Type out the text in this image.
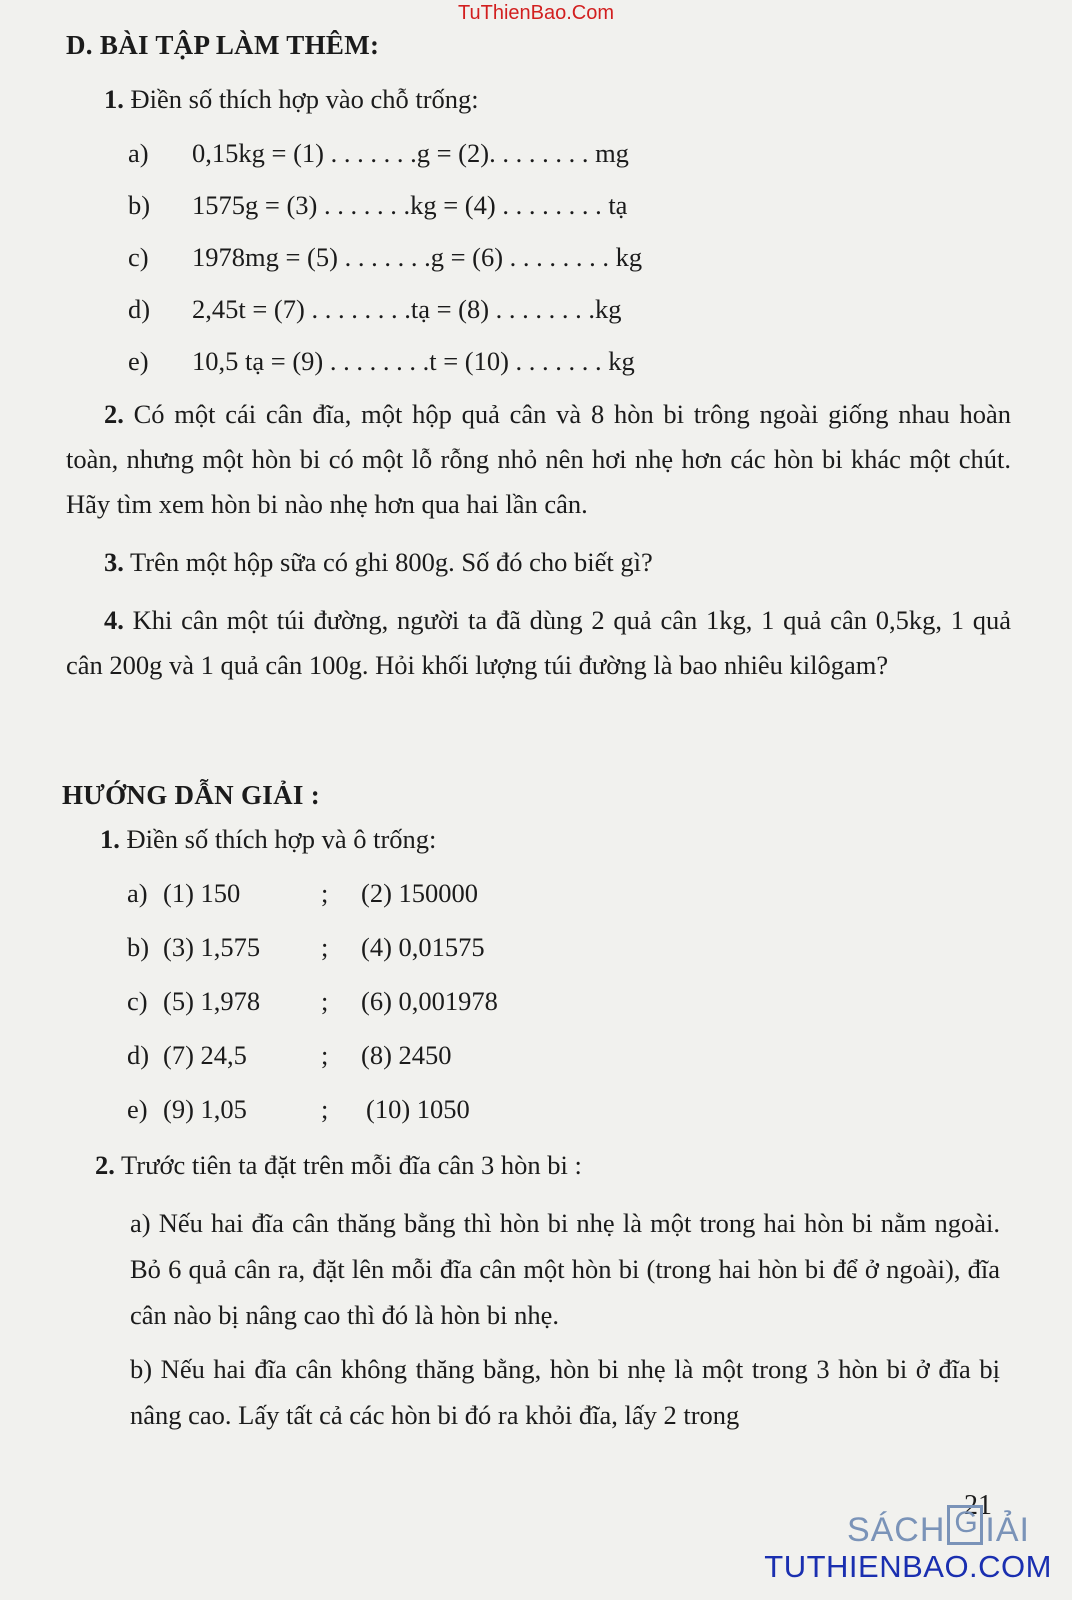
TuThienBao.Com
D. BÀI TẬP LÀM THÊM:
1. Điền số thích hợp vào chỗ trống:
a) 0,15kg = (1) . . . . . . .g = (2). . . . . . . . mg
b) 1575g = (3) . . . . . . .kg = (4) . . . . . . . . tạ
c) 1978mg = (5) . . . . . . .g = (6) . . . . . . . . kg
d) 2,45t = (7) . . . . . . . .tạ = (8) . . . . . . . .kg
e) 10,5 tạ = (9) . . . . . . . .t = (10) . . . . . . . kg
2. Có một cái cân đĩa, một hộp quả cân và 8 hòn bi trông ngoài giống nhau hoàn toàn, nhưng một hòn bi có một lỗ rỗng nhỏ nên hơi nhẹ hơn các hòn bi khác một chút. Hãy tìm xem hòn bi nào nhẹ hơn qua hai lần cân.
3. Trên một hộp sữa có ghi 800g. Số đó cho biết gì?
4. Khi cân một túi đường, người ta đã dùng 2 quả cân 1kg, 1 quả cân 0,5kg, 1 quả cân 200g và 1 quả cân 100g. Hỏi khối lượng túi đường là bao nhiêu kilôgam?
HƯỚNG DẪN GIẢI :
1. Điền số thích hợp và ô trống:
a) (1) 150	; (2) 150000
b) (3) 1,575 ; (4) 0,01575
c) (5) 1,978 ; (6) 0,001978
d) (7) 24,5	; (8) 2450
e) (9) 1,05	; (10) 1050
2. Trước tiên ta đặt trên mỗi đĩa cân 3 hòn bi :
a) Nếu hai đĩa cân thăng bằng thì hòn bi nhẹ là một trong hai hòn bi nằm ngoài. Bỏ 6 quả cân ra, đặt lên mỗi đĩa cân một hòn bi (trong hai hòn bi để ở ngoài), đĩa cân nào bị nâng cao thì đó là hòn bi nhẹ.
b) Nếu hai đĩa cân không thăng bằng, hòn bi nhẹ là một trong 3 hòn bi ở đĩa bị nâng cao. Lấy tất cả các hòn bi đó ra khỏi đĩa, lấy 2 trong
21
SÁCH G IẢI
TUTHIENBAO.COM
